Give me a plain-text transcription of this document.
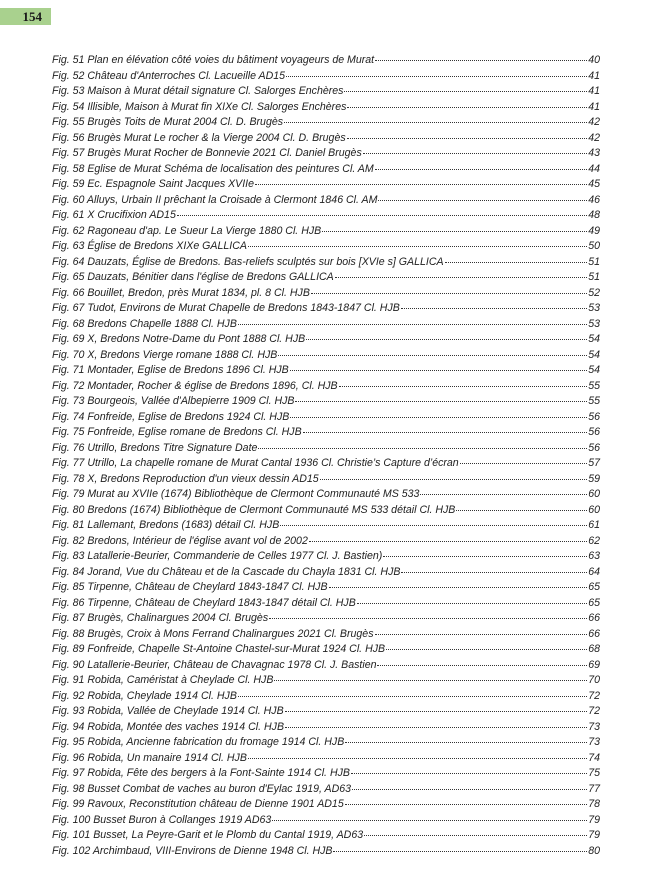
154
Fig. 51 Plan en élévation côté voies du bâtiment voyageurs de Murat	40
Fig. 52 Château d'Anterroches Cl. Lacueille AD15	41
Fig. 53 Maison à Murat détail signature Cl. Salorges Enchères	41
Fig. 54 Illisible, Maison à Murat fin XIXe Cl. Salorges Enchères	41
Fig. 55 Brugès Toits de Murat 2004 Cl. D. Brugès	42
Fig. 56 Brugès Murat Le rocher & la Vierge 2004 Cl. D. Brugès	42
Fig. 57 Brugès Murat Rocher de Bonnevie 2021 Cl. Daniel Brugès	43
Fig. 58 Eglise de Murat Schéma de localisation des peintures Cl. AM	44
Fig. 59 Ec. Espagnole Saint Jacques XVIIe	45
Fig. 60 Alluys, Urbain II prêchant la Croisade à Clermont 1846 Cl. AM	46
Fig. 61 X Crucifixion AD15	48
Fig. 62 Ragoneau d'ap. Le Sueur La Vierge 1880 Cl. HJB	49
Fig. 63 Église de Bredons XIXe GALLICA	50
Fig. 64 Dauzats, Église de Bredons. Bas-reliefs sculptés sur bois [XVIe s] GALLICA	51
Fig. 65 Dauzats, Bénitier dans l'église de Bredons GALLICA	51
Fig. 66 Bouillet, Bredon, près Murat 1834, pl. 8 Cl. HJB	52
Fig. 67 Tudot, Environs de Murat Chapelle de Bredons 1843-1847 Cl. HJB	53
Fig. 68 Bredons Chapelle 1888 Cl. HJB	53
Fig. 69 X, Bredons Notre-Dame du Pont 1888 Cl. HJB	54
Fig. 70 X, Bredons Vierge romane 1888 Cl. HJB	54
Fig. 71 Montader, Eglise de Bredons 1896 Cl. HJB	54
Fig. 72 Montader, Rocher & église de Bredons 1896, Cl. HJB	55
Fig. 73 Bourgeois, Vallée d'Albepierre 1909 Cl. HJB	55
Fig. 74 Fonfreide, Eglise de Bredons 1924 Cl. HJB	56
Fig. 75 Fonfreide, Eglise romane de Bredons Cl. HJB	56
Fig. 76 Utrillo, Bredons Titre Signature Date	56
Fig. 77 Utrillo, La chapelle romane de Murat Cantal 1936 Cl. Christie’s Capture d’écran	57
Fig. 78 X, Bredons Reproduction d'un vieux dessin AD15	59
Fig. 79 Murat au XVIIe (1674) Bibliothèque de Clermont Communauté MS 533	60
Fig. 80 Bredons (1674) Bibliothèque de Clermont Communauté MS 533 détail Cl. HJB	60
Fig. 81 Lallemant, Bredons (1683) détail Cl. HJB	61
Fig. 82 Bredons, Intérieur de l'église avant vol de 2002	62
Fig. 83 Latallerie-Beurier, Commanderie de Celles 1977 Cl. J. Bastien)	63
Fig. 84 Jorand, Vue du Château et de la Cascade du Chayla 1831 Cl. HJB	64
Fig. 85 Tirpenne, Château de Cheylard 1843-1847 Cl. HJB	65
Fig. 86 Tirpenne, Château de Cheylard 1843-1847 détail Cl. HJB	65
Fig. 87 Brugès, Chalinargues 2004 Cl. Brugès	66
Fig. 88 Brugès, Croix à Mons Ferrand Chalinargues 2021 Cl. Brugès	66
Fig. 89 Fonfreide, Chapelle St-Antoine Chastel-sur-Murat 1924 Cl. HJB	68
Fig. 90 Latallerie-Beurier, Château de Chavagnac 1978 Cl. J. Bastien	69
Fig. 91 Robida, Caméristat à Cheylade Cl. HJB	70
Fig. 92 Robida, Cheylade 1914 Cl. HJB	72
Fig. 93 Robida, Vallée de Cheylade 1914 Cl. HJB	72
Fig. 94 Robida, Montée des vaches 1914 Cl. HJB	73
Fig. 95 Robida, Ancienne fabrication du fromage 1914 Cl. HJB	73
Fig. 96 Robida, Un manaire 1914 Cl. HJB	74
Fig. 97 Robida, Fête des bergers à la Font-Sainte 1914 Cl. HJB	75
Fig. 98 Busset Combat de vaches au buron d'Eylac 1919, AD63	77
Fig. 99 Ravoux, Reconstitution château de Dienne 1901 AD15	78
Fig. 100 Busset Buron à Collanges 1919 AD63	79
Fig. 101 Busset, La Peyre-Garit et le Plomb du Cantal 1919, AD63	79
Fig. 102 Archimbaud, VIII-Environs de Dienne 1948 Cl. HJB	80
